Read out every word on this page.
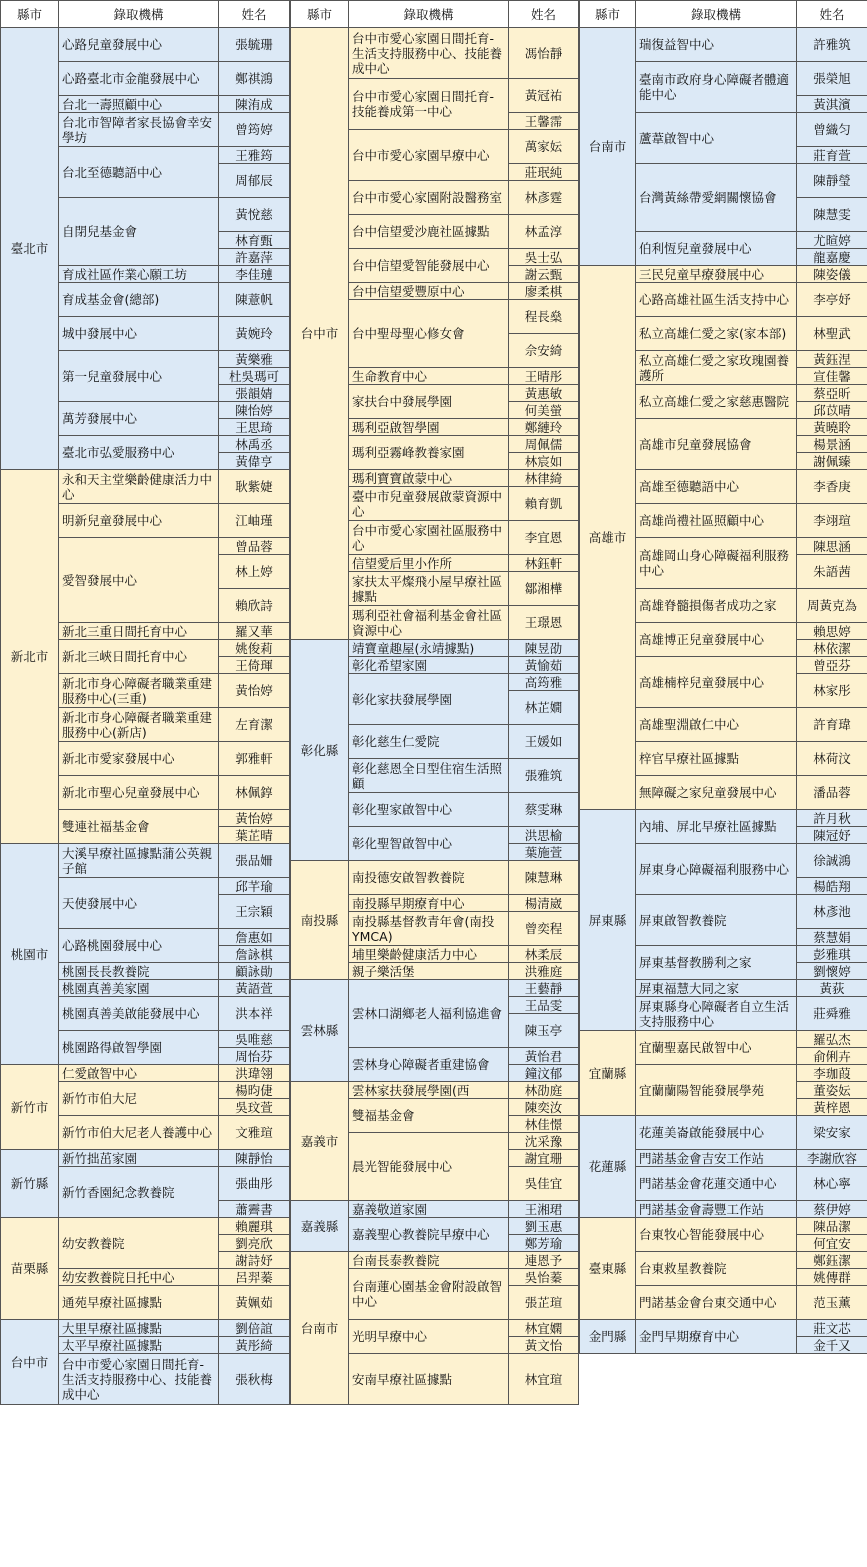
縣市	錄取機構	姓名
臺北市	心路兒童發展中心	張毓珊

	心路臺北市金龍發展中心	鄭祺鴻

	台北一壽照顧中心	陳洧成
	台北市智障者家長協會幸安學坊	曾筠婷

	台北至德聽語中心	王雅筠
		周郁辰

	自閉兒基金會	黃悅慈

		林育甄
		許嘉萍
	育成社區作業心願工坊	李佳璉
	育成基金會(總部)	陳薏帆

	城中發展中心	黃婉玲

	第一兒童發展中心	黃樂雅
		杜吳瑪可
		張韻婧
	萬芳發展中心	陳怡婷
		王思琦
	臺北市弘愛服務中心	林禹丞
		黃偉亨
新北市	永和天主堂樂齡健康活力中心	耿紫婕

	明新兒童發展中心	江岫瑾

	愛智發展中心	曾品蓉
		林上婷

		賴欣詩

	新北三重日間托育中心	羅又華
	新北三峽日間托育中心	姚俊莉
		王倚琿
	新北市身心障礙者職業重建服務中心(三重)	黃怡婷

	新北市身心障礙者職業重建服務中心(新店)	左育潔

	新北市愛家發展中心	郭雅軒

	新北市聖心兒童發展中心	林佩錞

	雙連社福基金會	黃怡婷
		葉芷晴
桃園市	大溪早療社區據點蒲公英親子館	張品姍

	天使發展中心	邱芊瑜
		王宗穎

	心路桃園發展中心	詹惠如
		詹詠棋
	桃園長長教養院	顧詠勛
	桃園真善美家園	黃語萱
	桃園真善美啟能發展中心	洪本祥

	桃園路得啟智學園	吳唯慈
		周怡芬
新竹市	仁愛啟智中心	洪瑋翎
	新竹市伯大尼	楊昀倢
		吳玟萱
	新竹市伯大尼老人養護中心	文雅瑄

新竹縣	新竹拙茁家園	陳靜怡
	新竹香園紀念教養院	張曲彤

		蕭霽書
苗栗縣	幼安教養院	賴麗琪
		劉亮欣
		謝詩妤
	幼安教養院日托中心	呂羿蓁
	通苑早療社區據點	黃姵茹

台中市	大里早療社區據點	劉倍誼
	太平早療社區據點	黃彤綺
	台中市愛心家園日間托育-生活支持服務中心、技能養成中心	張秋梅

縣市	錄取機構	姓名
台中市	台中市愛心家園日間托育-生活支持服務中心、技能養成中心	馮怡靜

	台中市愛心家園日間托育-技能養成第一中心	黃冠祐

		王馨霈
	台中市愛心家園早療中心	萬家妘

		莊珉純
	台中市愛心家園附設醫務室	林彥霆

	台中信望愛沙鹿社區據點	林孟淳

	台中信望愛智能發展中心	吳士弘
		謝云甄
	台中信望愛豐原中心	廖柔棋
	台中聖母聖心修女會	程長燊

		佘安綺

	生命教育中心	王晴彤
	家扶台中發展學園	黃惠敏
		何美螢
	瑪利亞啟智學園	鄭縺玲
	瑪利亞霧峰教養家園	周佩儒
		林宸如
	瑪利寶寶啟蒙中心	林律綺
	臺中市兒童發展啟蒙資源中心	賴育凱

	台中市愛心家園社區服務中心	李宜恩

	信望愛后里小作所	林鈺軒
	家扶太平燦飛小屋早療社區據點	鄒湘樺

	瑪利亞社會福利基金會社區資源中心	王璟恩

彰化縣	靖寶童趣屋(永靖據點)	陳昱劭
	彰化希望家園	黃愉茹
	彰化家扶發展學園	高筠雅
		林芷嫺

	彰化慈生仁愛院	王媛如

	彰化慈恩全日型住宿生活照顧	張雅筑

	彰化聖家啟智中心	蔡雯琳

	彰化聖智啟智中心	洪思榆
		葉施萱
南投縣	南投德安啟智教養院	陳慧琳

	南投縣早期療育中心	楊清崴
	南投縣基督教青年會(南投YMCA)	曾奕程

	埔里樂齡健康活力中心	林柔辰
	親子樂活堡	洪雅庭
雲林縣	雲林口湖鄉老人福利協進會	王藝靜
		王品雯
		陳玉亭

	雲林身心障礙者重建協會	黃怡君
		鐘汶郁
嘉義市	雲林家扶發展學園(西	林劭庭
	雙福基金會	陳奕汝
		林佳憬
	晨光智能發展中心	沈采豫
		謝宜珊
		吳佳宜

嘉義縣	嘉義敬道家園	王湘珺
	嘉義聖心教養院早療中心	劉玉惠
		鄭芳瑜
台南市	台南長泰教養院	連恩予
	台南蓮心園基金會附設啟智中心	吳怡蓁
		張芷瑄

	光明早療中心	林宜嫻
		黃文怡
	安南早療社區據點	林宜瑄

縣市	錄取機構	姓名
台南市	瑞復益智中心	許雅筑

	臺南市政府身心障礙者體適能中心	張榮旭

		黃淇濱
	蘆葦啟智中心	曾織匀

		莊育萱
	台灣黃絲帶愛網關懷協會	陳靜瑩

		陳慧雯

	伯利恆兒童發展中心	尤暄婷
		龍嘉慶
高雄市	三民兒童早療發展中心	陳姿儀
	心路高雄社區生活支持中心	李亭妤

	私立高雄仁愛之家(家本部)	林聖武

	私立高雄仁愛之家玫瑰園養護所	黃鈺涅
		宣佳馨
	私立高雄仁愛之家慈惠醫院	蔡亞昕
		邱苡晴
	高雄市兒童發展協會	黃曉聆
		楊景涵
		謝佩臻
	高雄至德聽語中心	李香庚

	高雄尚禮社區照顧中心	李翊瑄

	高雄岡山身心障礙福利服務中心	陳思涵
		朱語茜

	高雄脊髓損傷者成功之家	周黃克為

	高雄博正兒童發展中心	賴思婷
		林依潔
	高雄楠梓兒童發展中心	曾亞芬
		林家彤

	高雄聖淵啟仁中心	許育瑋

	梓官早療社區據點	林荷汶

	無障礙之家兒童發展中心	潘品蓉

屏東縣	內埔、屏北早療社區據點	許月秋
		陳冠妤
	屏東身心障礙福利服務中心	徐誠鴻

		楊皓翔
	屏東啟智教養院	林彥池

		蔡慧娟
	屏東基督教勝利之家	彭雅琪
		劉懷婷
	屏東福慧大同之家	黃荻
	屏東縣身心障礙者自立生活支持服務中心	莊舜雅

宜蘭縣	宜蘭聖嘉民啟智中心	羅弘杰
		俞俐卉
	宜蘭蘭陽智能發展學苑	李珈葭
		董姿妘
		黃梓恩
花蓮縣	花蓮美崙啟能發展中心	梁安家

	門諾基金會吉安工作站	李謝欣容
	門諾基金會花蓮交通中心	林心寧

	門諾基金會壽豐工作站	蔡伊婷
臺東縣	台東牧心智能發展中心	陳品潔
		何宜安
	台東救星教養院	鄭鈺潔
		姚傳群
	門諾基金會台東交通中心	范玉薰

金門縣	金門早期療育中心	莊文芯
		金千又
